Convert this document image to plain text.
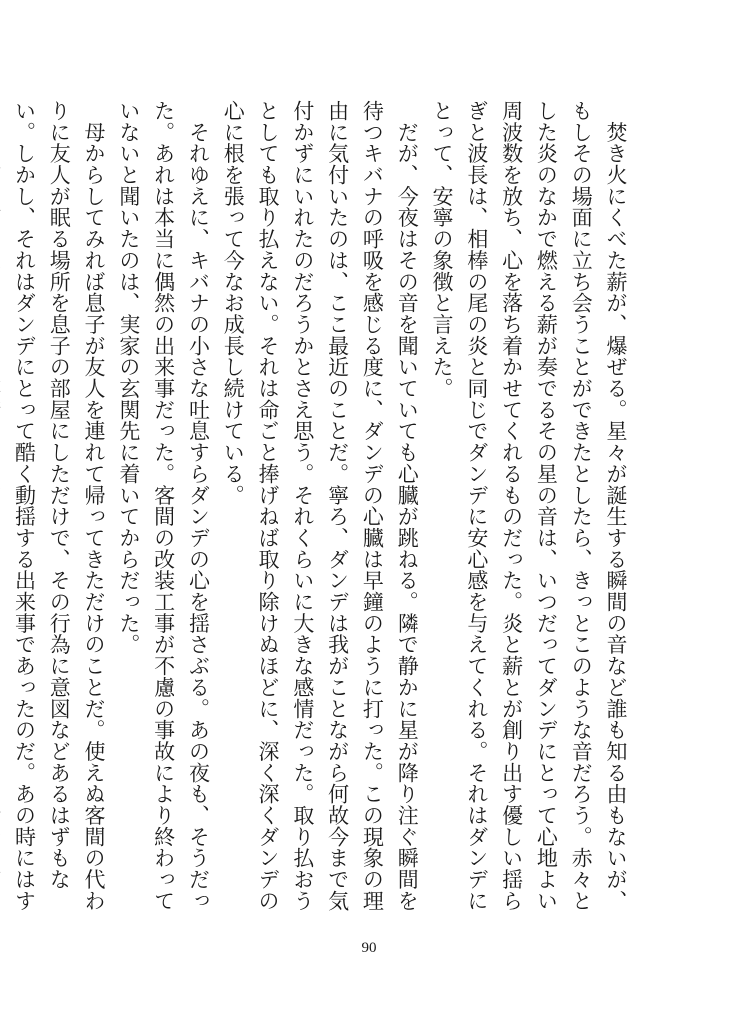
　焚き火にくべた薪が、爆ぜる。星々が誕生する瞬間の音など誰も知る由もないが、もしその場面に立ち会うことができたとしたら、きっとこのような音だろう。赤々とした炎のなかで燃える薪が奏でるその星の音は、いつだってダンデにとって心地よい周波数を放ち、心を落ち着かせてくれるものだった。炎と薪とが創り出す優しい揺らぎと波長は、相棒の尾の炎と同じでダンデに安心感を与えてくれる。それはダンデにとって、安寧の象徴と言えた。

　だが、今夜はその音を聞いていても心臓が跳ねる。隣で静かに星が降り注ぐ瞬間を待つキバナの呼吸を感じる度に、ダンデの心臓は早鐘のように打った。この現象の理由に気付いたのは、ここ最近のことだ。寧ろ、ダンデは我がことながら何故今まで気付かずにいれたのだろうかとさえ思う。それくらいに大きな感情だった。取り払おうとしても取り払えない。それは命ごと捧げねば取り除けぬほどに、深く深くダンデの心に根を張って今なお成長し続けている。

　それゆえに、キバナの小さな吐息すらダンデの心を揺さぶる。あの夜も、そうだった。あれは本当に偶然の出来事だった。客間の改装工事が不慮の事故により終わっていないと聞いたのは、実家の玄関先に着いてからだった。

　母からしてみれば息子が友人を連れて帰ってきただけのことだ。使えぬ客間の代わりに友人が眠る場所を息子の部屋にしただけで、その行為に意図などあるはずもない。しかし、それはダンデにとって酷く動揺する出来事であったのだ。あの時にはす

90
